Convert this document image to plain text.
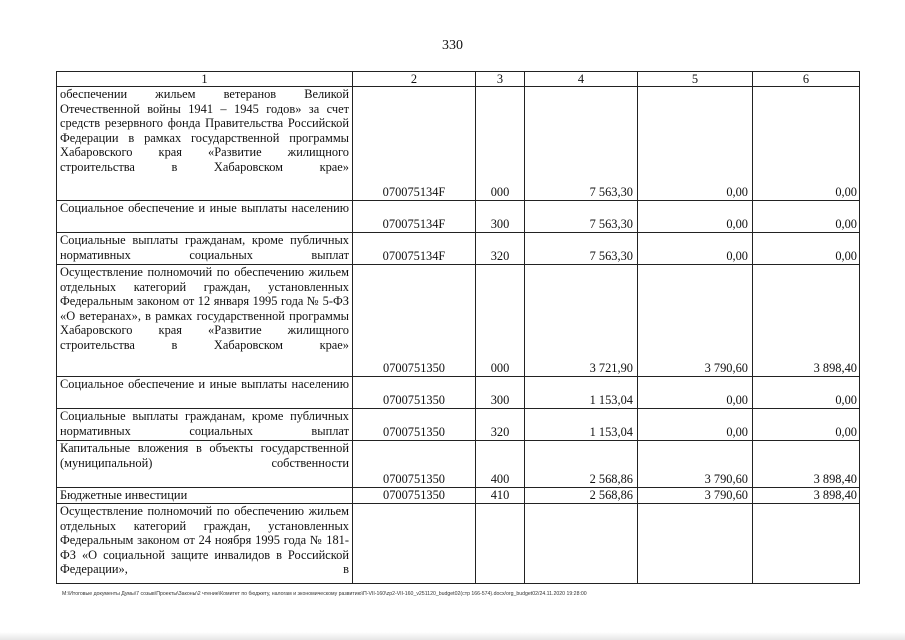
330
1	2	3	4	5	6

обеспечении жильем ветеранов Великой Отечественной войны 1941 – 1945 годов» за счет средств резервного фонда Правительства Российской Федерации в рамках государственной программы Хабаровского края «Развитие жилищного строительства в Хабаровском крае»	070075134F	000	7 563,30	0,00	0,00

Социальное обеспечение и иные выплаты населению	070075134F	300	7 563,30	0,00	0,00

Социальные выплаты гражданам, кроме публичных нормативных социальных выплат	070075134F	320	7 563,30	0,00	0,00

Осуществление полномочий по обеспечению жильем отдельных категорий граждан, установленных Федеральным законом от 12 января 1995 года № 5-ФЗ «О ветеранах», в рамках государственной программы Хабаровского края «Развитие жилищного строительства в Хабаровском крае»	0700751350	000	3 721,90	3 790,60	3 898,40

Социальное обеспечение и иные выплаты населению	0700751350	300	1 153,04	0,00	0,00

Социальные выплаты гражданам, кроме публичных нормативных социальных выплат	0700751350	320	1 153,04	0,00	0,00

Капитальные вложения в объекты государственной (муниципальной) собственности	0700751350	400	2 568,86	3 790,60	3 898,40

Бюджетные инвестиции	0700751350	410	2 568,86	3 790,60	3 898,40

Осуществление полномочий по обеспечению жильем отдельных категорий граждан, установленных Федеральным законом от 24 ноября 1995 года № 181-ФЗ «О социальной защите инвалидов в Российской Федерации», в					

M:\Итоговые документы Думы\7 созыв\Проекты\Законы\2 чтение\Комитет по бюджету, налогам и экономическому развитию\П-VII-160\zp2-VII-160_v251120_budget02(стр 166-574).docx/org_budget02/24.11.2020 19:28:00
